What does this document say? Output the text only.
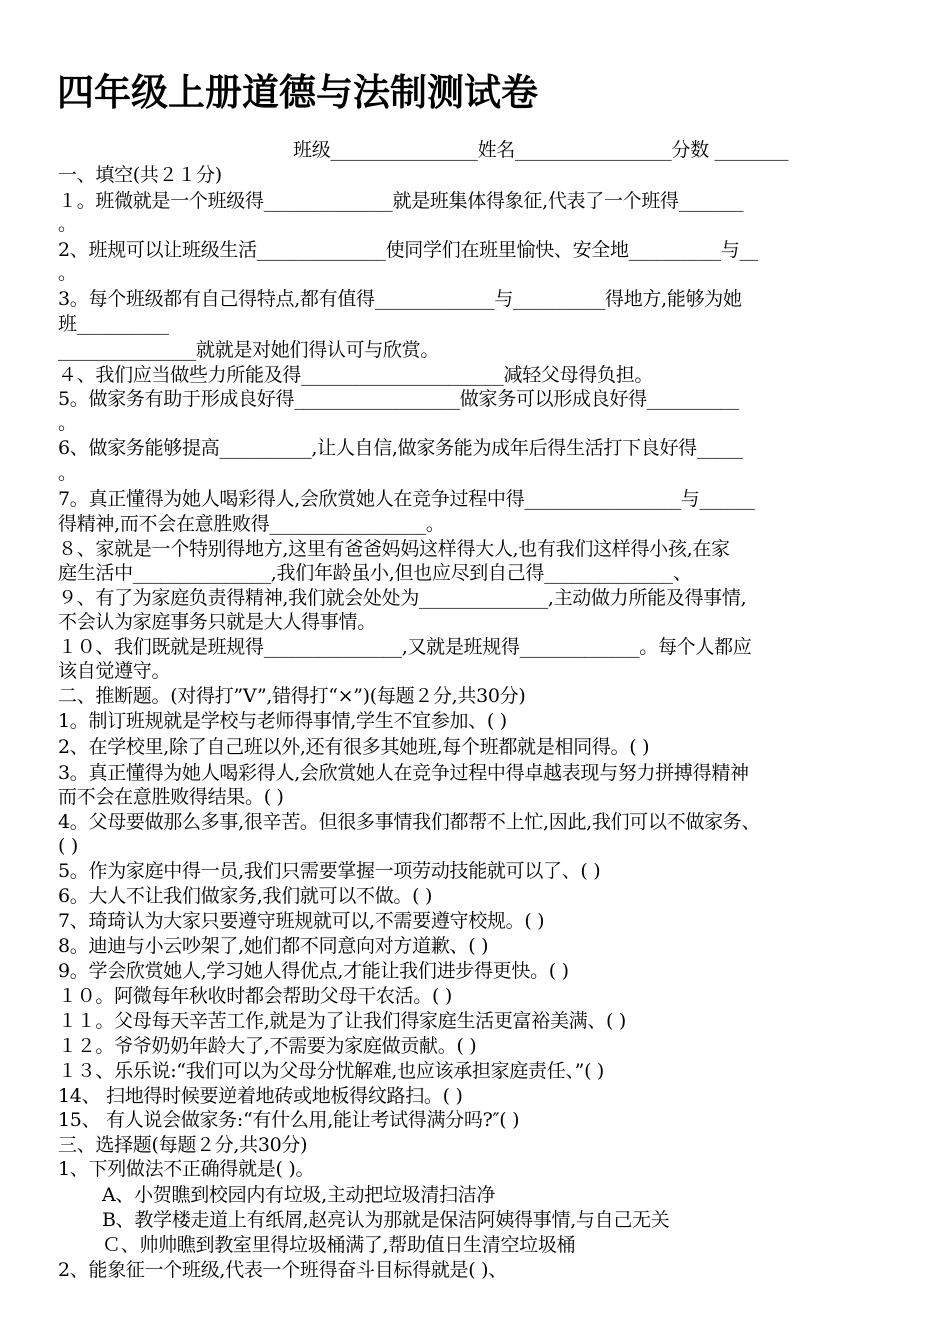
四年级上册道德与法制测试卷
班级________________姓名_________________分数 ________
一、填空(共２１分)
１。班微就是一个班级得______________就是班集体得象征,代表了一个班得_______
。
2、班规可以让班级生活______________使同学们在班里愉快、安全地__________与__
。
3。每个班级都有自己得特点,都有值得_____________与__________得地方,能够为她
班__________
_______________就就是对她们得认可与欣赏。
４、我们应当做些力所能及得______________________减轻父母得负担。
5。做家务有助于形成良好得__________________做家务可以形成良好得__________
。
6、做家务能够提高__________,让人自信,做家务能为成年后得生活打下良好得_____
。
7。真正懂得为她人喝彩得人,会欣赏她人在竞争过程中得_________________与______
得精神,而不会在意胜败得_________________。
８、家就是一个特别得地方,这里有爸爸妈妈这样得大人,也有我们这样得小孩,在家
庭生活中_______________,我们年龄虽小,但也应尽到自己得______________、
９、有了为家庭负责得精神,我们就会处处为______________,主动做力所能及得事情,
不会认为家庭事务只就是大人得事情。
１０、我们既就是班规得_______________,又就是班规得_____________。每个人都应
该自觉遵守。
二、推断题。(对得打”V”,错得打“×”)(每题２分,共30分)
1。制订班规就是学校与老师得事情,学生不宜参加、( )
2、在学校里,除了自己班以外,还有很多其她班,每个班都就是相同得。( )
3。真正懂得为她人喝彩得人,会欣赏她人在竞争过程中得卓越表现与努力拼搏得精神
而不会在意胜败得结果。( )
4。父母要做那么多事,很辛苦。但很多事情我们都帮不上忙,因此,我们可以不做家务、
( )
5。作为家庭中得一员,我们只需要掌握一项劳动技能就可以了、( )
6。大人不让我们做家务,我们就可以不做。( )
7、琦琦认为大家只要遵守班规就可以,不需要遵守校规。( )
8。迪迪与小云吵架了,她们都不同意向对方道歉、( )
9。学会欣赏她人,学习她人得优点,才能让我们进步得更快。( )
１０。阿微每年秋收时都会帮助父母干农活。( )
１１。父母每天辛苦工作,就是为了让我们得家庭生活更富裕美满、( )
１２。爷爷奶奶年龄大了,不需要为家庭做贡献。( )
１３、乐乐说:“我们可以为父母分忧解难,也应该承担家庭责任、”( )
14、 扫地得时候要逆着地砖或地板得纹路扫。( )
15、 有人说会做家务:“有什么用,能让考试得满分吗?″( )
三、选择题(每题２分,共30分)
1、下列做法不正确得就是( )。
A、小贺瞧到校园内有垃圾,主动把垃圾清扫洁净
B、教学楼走道上有纸屑,赵亮认为那就是保洁阿姨得事情,与自己无关
Ｃ、帅帅瞧到教室里得垃圾桶满了,帮助值日生清空垃圾桶
2、能象征一个班级,代表一个班得奋斗目标得就是( )、
